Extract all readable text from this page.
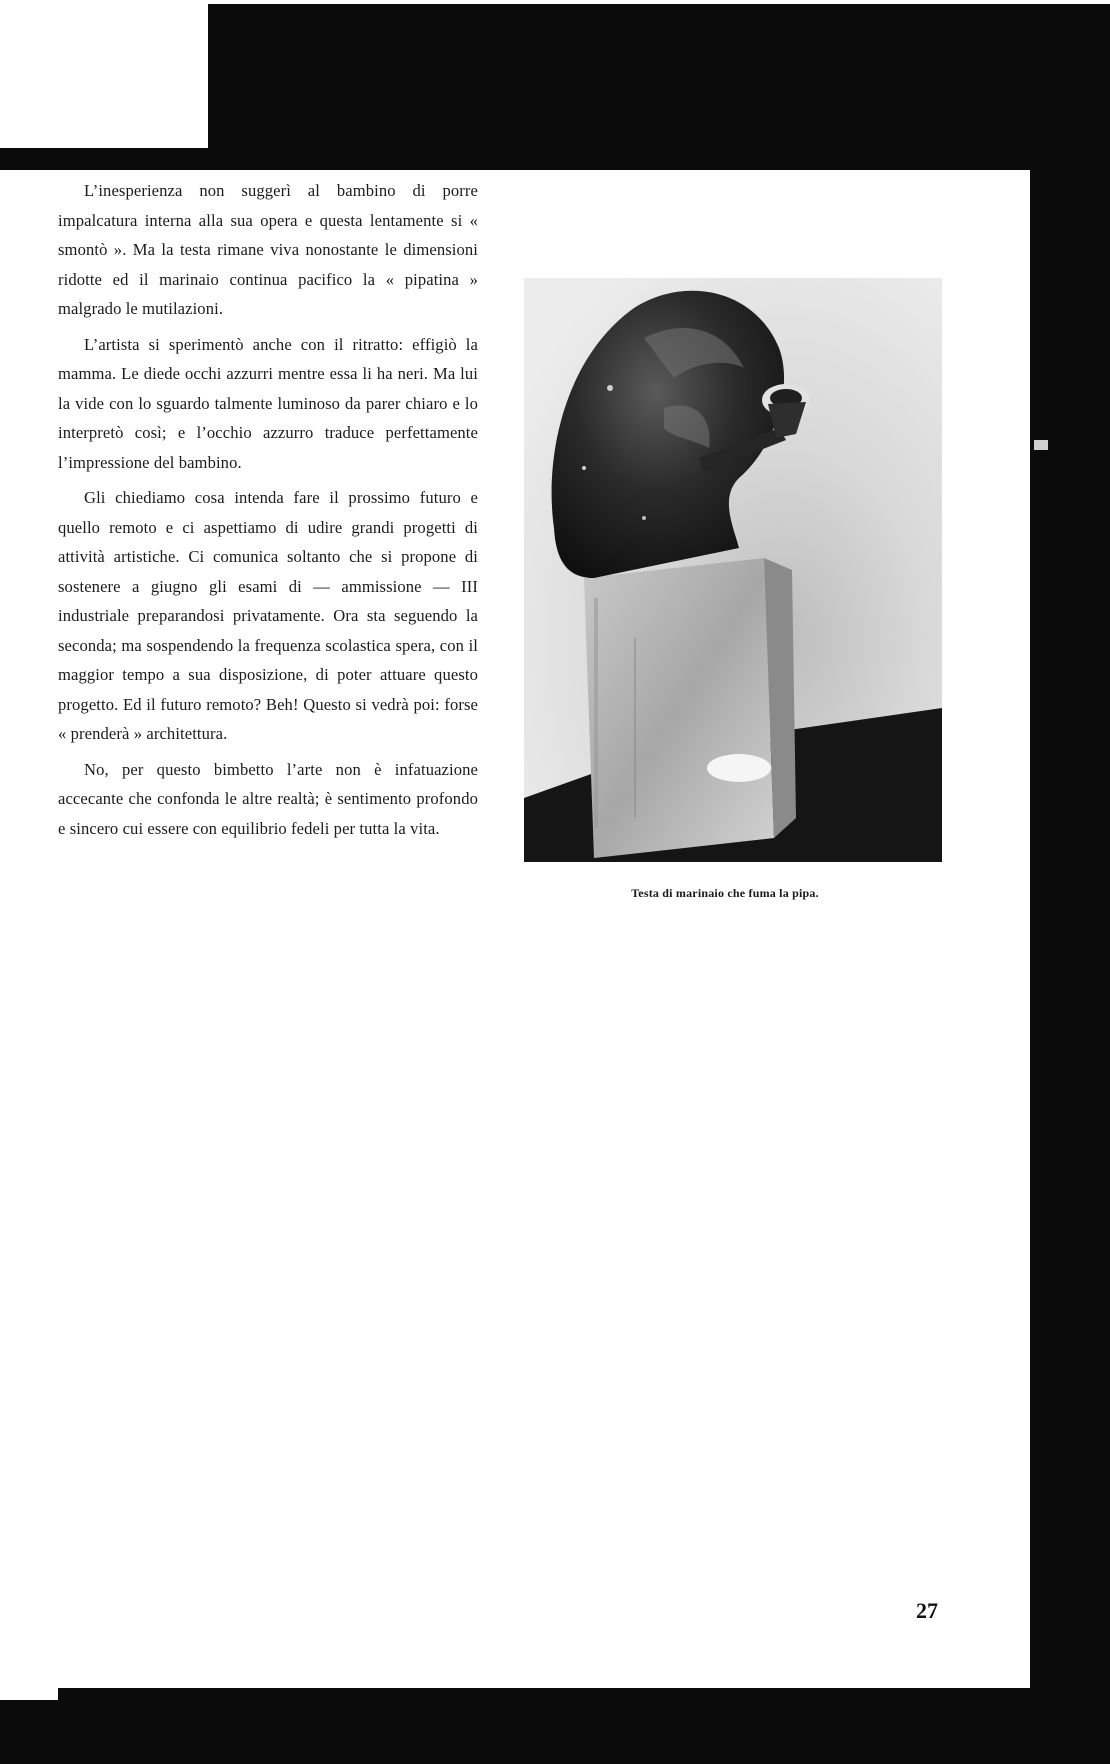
L’inesperienza non suggerì al bambino di porre impalcatura interna alla sua opera e questa lentamente si « smontò ». Ma la testa rimane viva nonostante le dimensioni ridotte ed il marinaio continua pacifico la « pipatina » malgrado le mutilazioni.

L’artista si sperimentò anche con il ritratto: effigiò la mamma. Le diede occhi azzurri mentre essa li ha neri. Ma lui la vide con lo sguardo talmente luminoso da parer chiaro e lo interpretò così; e l’occhio azzurro traduce perfettamente l’impressione del bambino.

Gli chiediamo cosa intenda fare il prossimo futuro e quello remoto e ci aspettiamo di udire grandi progetti di attività artistiche. Ci comunica soltanto che si propone di sostenere a giugno gli esami di — ammissione — III industriale preparandosi privatamente. Ora sta seguendo la seconda; ma sospendendo la frequenza scolastica spera, con il maggior tempo a sua disposizione, di poter attuare questo progetto. Ed il futuro remoto? Beh! Questo si vedrà poi: forse « prenderà » architettura.

No, per questo bimbetto l’arte non è infatuazione accecante che confonda le altre realtà; è sentimento profondo e sincero cui essere con equilibrio fedeli per tutta la vita.

Testa di marinaio che fuma la pipa.
27
